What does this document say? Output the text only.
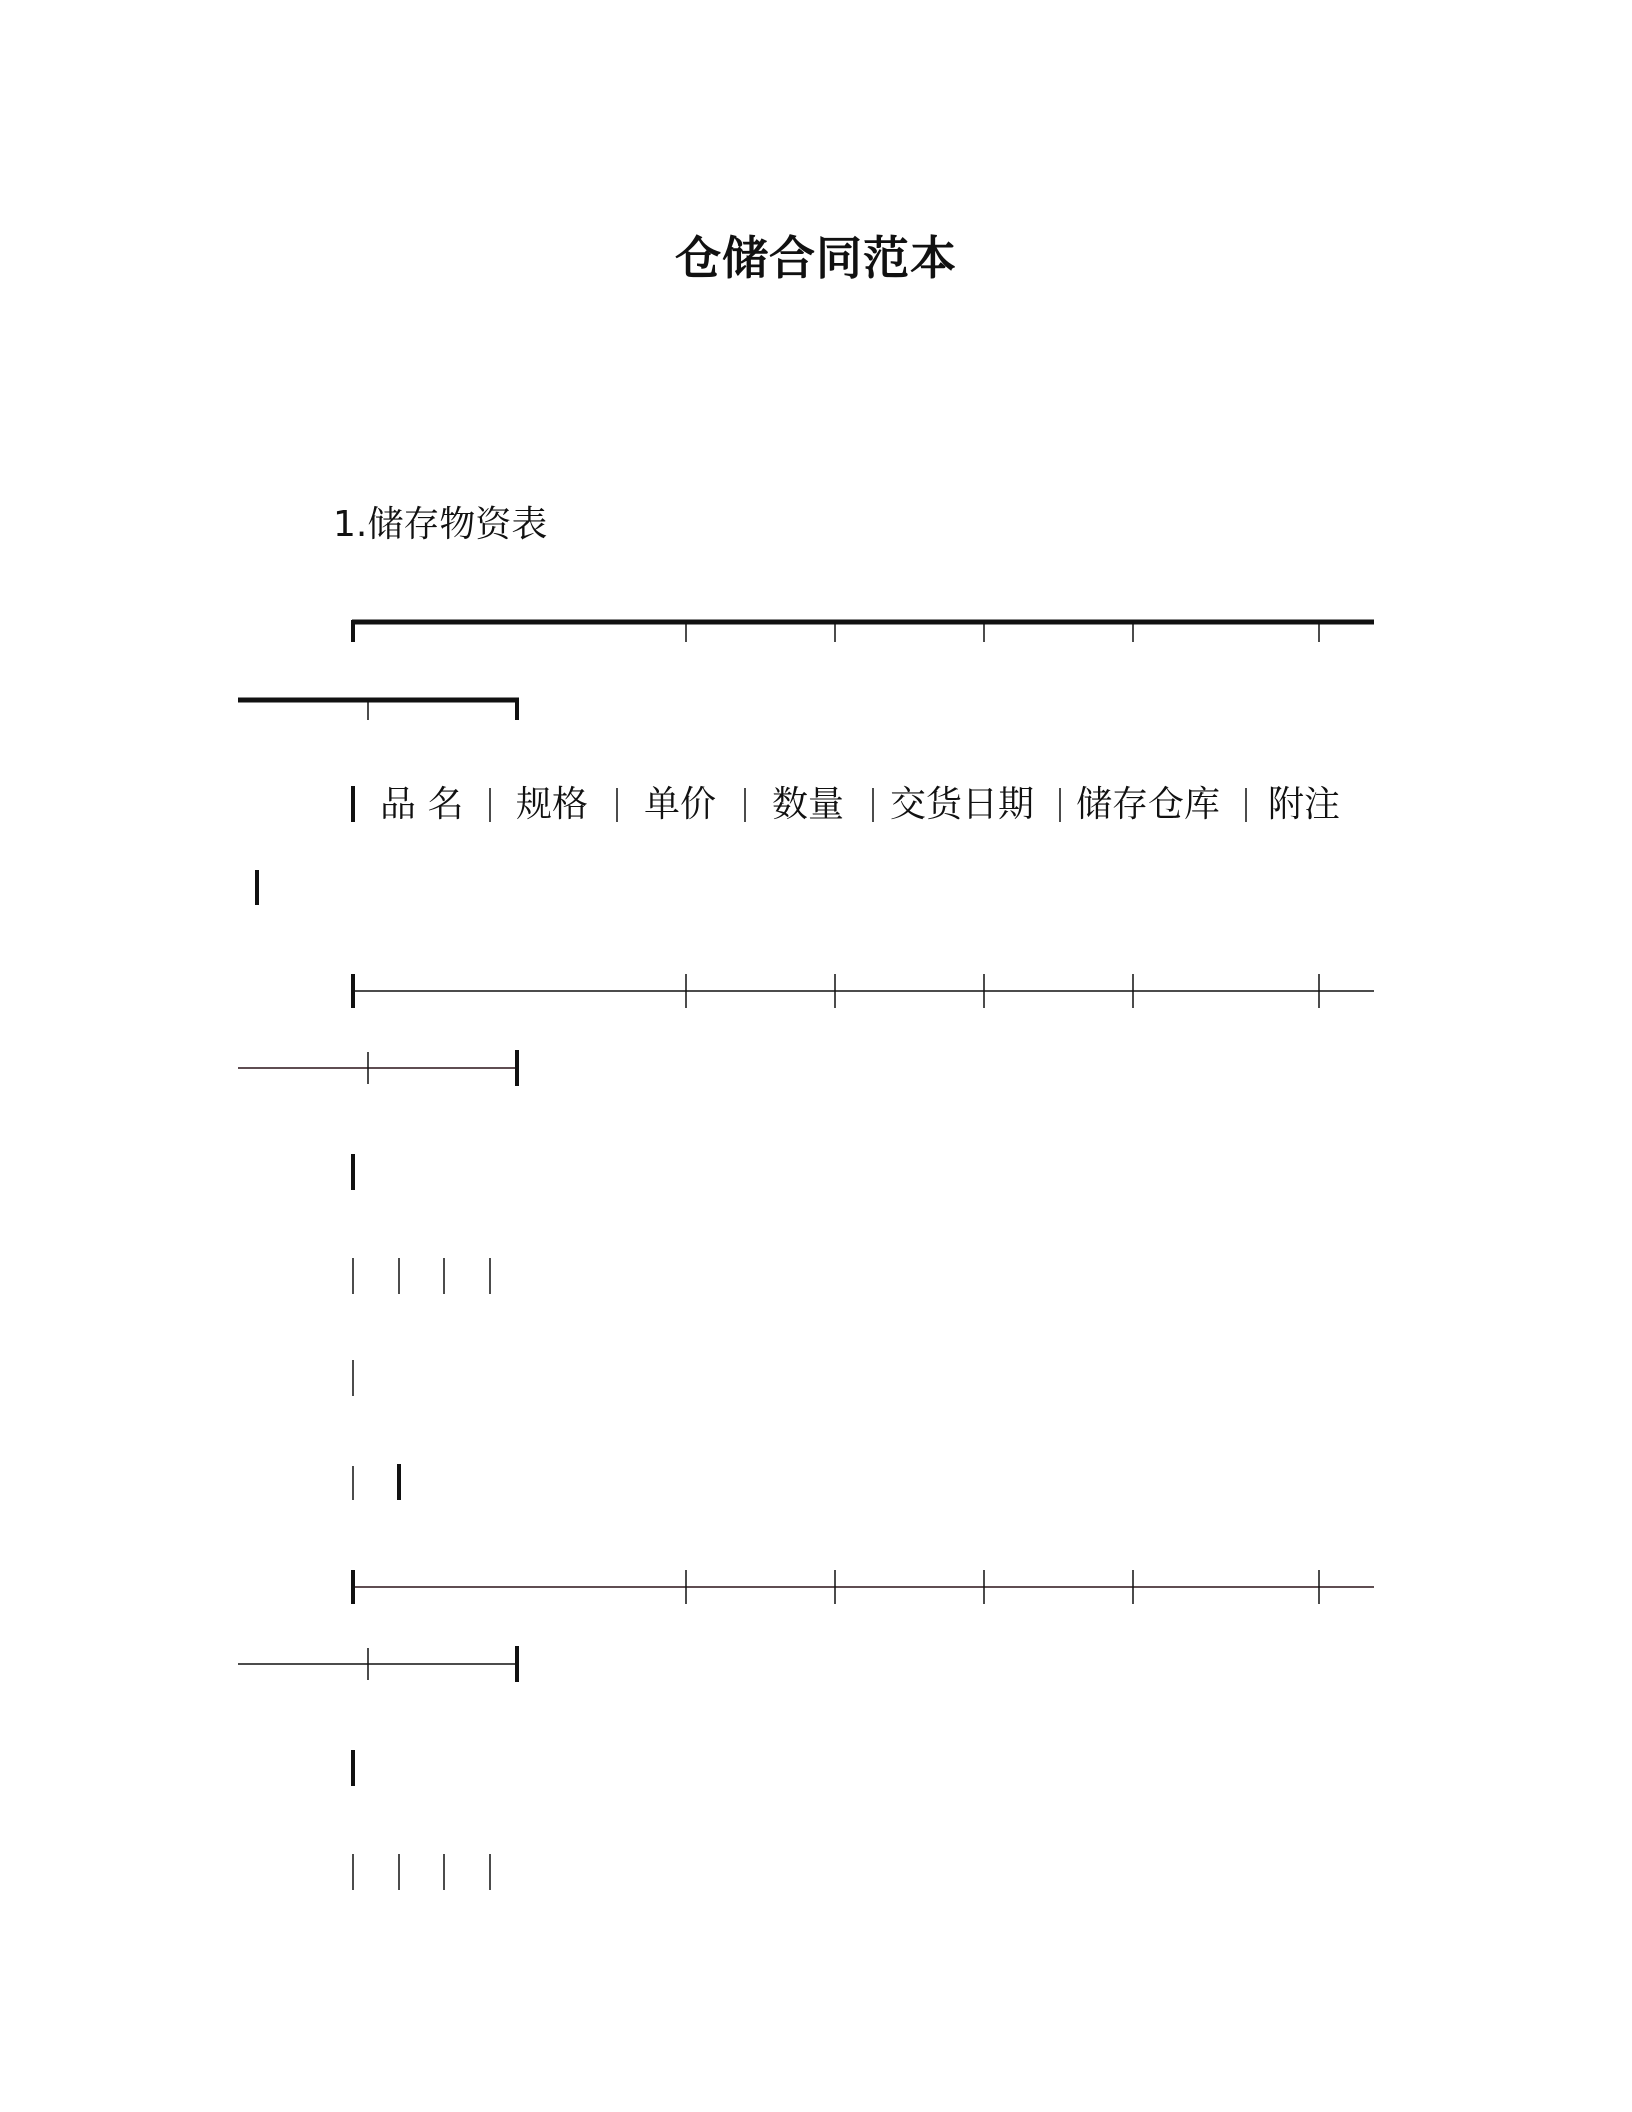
仓储合同范本
1.储存物资表
品 名 规格 单价 数量 交货日期 储存仓库 附注
